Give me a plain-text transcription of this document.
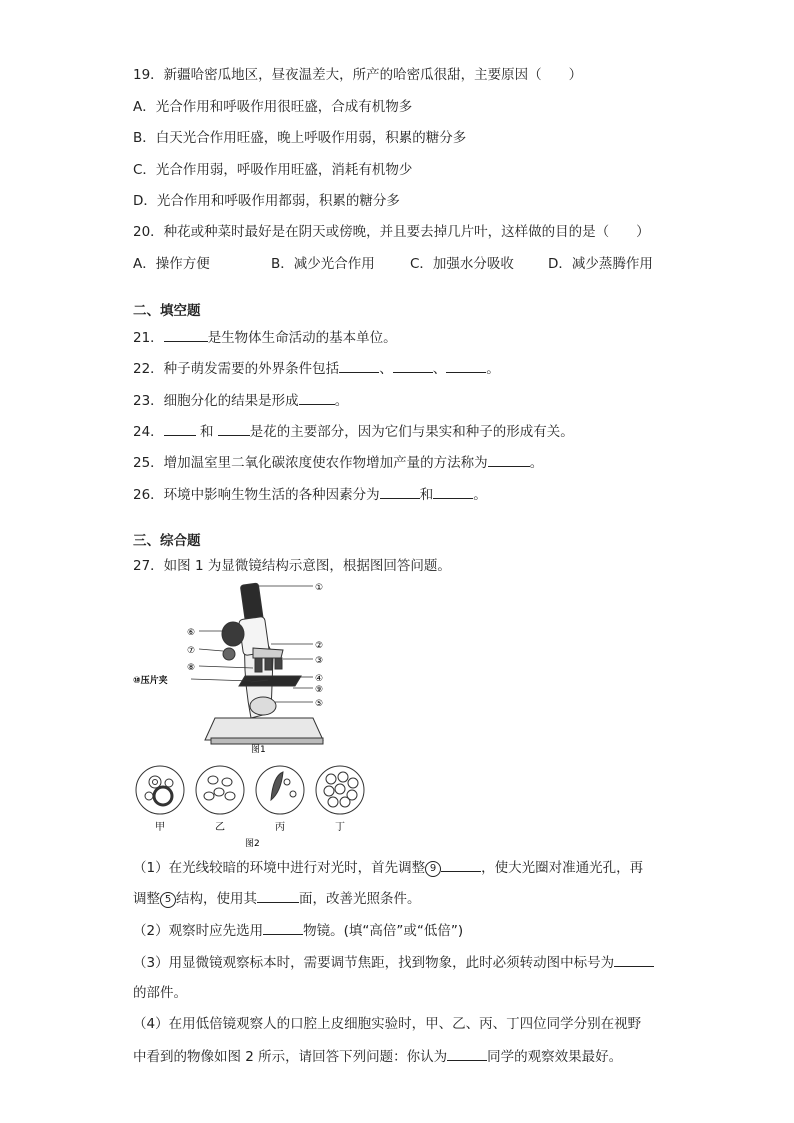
19．新疆哈密瓜地区，昼夜温差大，所产的哈密瓜很甜，主要原因（　　）
A．光合作用和呼吸作用很旺盛，合成有机物多
B．白天光合作用旺盛，晚上呼吸作用弱，积累的糖分多
C．光合作用弱，呼吸作用旺盛，消耗有机物少
D．光合作用和呼吸作用都弱，积累的糖分多
20．种花或种菜时最好是在阴天或傍晚，并且要去掉几片叶，这样做的目的是（　　）
A．操作方便	B．减少光合作用	C．加强水分吸收	D．减少蒸腾作用
二、填空题
21．	是生物体生命活动的基本单位。
22．种子萌发需要的外界条件包括	、	、	。
23．细胞分化的结果是形成	。
24．	和 是花的主要部分，因为它们与果实和种子的形成有关。
25．增加温室里二氧化碳浓度使农作物增加产量的方法称为	。
26．环境中影响生物生活的各种因素分为	和	。
三、综合题
27．如图 1 为显微镜结构示意图，根据图回答问题。
①
②
③
④
⑨
⑤
⑥
⑦
⑧
⑩压片夹
图1
甲	乙	丙	丁
图2
（1）在光线较暗的环境中进行对光时，首先调整 9	，使大光圈对准通光孔，再
调整 5 结构，使用其	面，改善光照条件。
（2）观察时应先选用	物镜。(填“高倍”或“低倍”)
（3）用显微镜观察标本时，需要调节焦距，找到物象，此时必须转动图中标号为
的部件。
（4）在用低倍镜观察人的口腔上皮细胞实验时，甲、乙、丙、丁四位同学分别在视野
中看到的物像如图 2 所示，请回答下列问题：你认为	同学的观察效果最好。
